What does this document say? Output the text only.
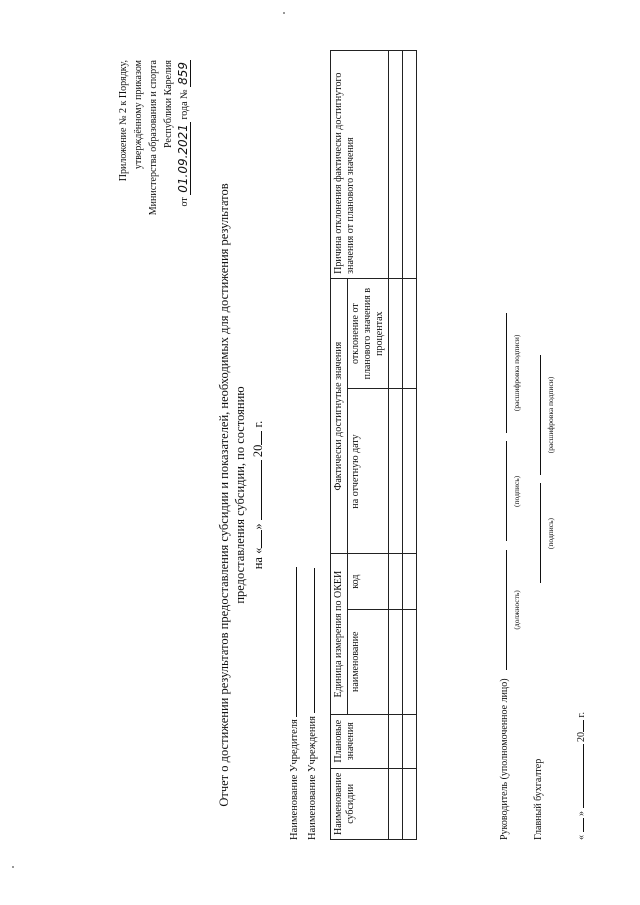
Приложение № 2 к Порядку, утверждённому приказом Министерства образования и спорта Республики Карелия
от 01.09.2021 года № 859
Отчет о достижении результатов предоставления субсидии и показателей, необходимых для достижения результатов предоставления субсидии, по состоянию на «»  20 г.
Наименование Учредителя Наименование Учреждения	Наименование субсидии	Плановые значения	Единица измерения по ОКЕИ		Фактически достигнутые значения		Причина отклонения фактически достигнутого значения от планового значения
		наименование	код	на отчетную дату	отклонение от планового значения в процентах	

Руководитель (уполномоченное лицо)
(должность)

(подпись)

(расшифровка подписи)
Главный бухгалтер
(подпись)

(расшифровка подписи)
«  »  20 г.
